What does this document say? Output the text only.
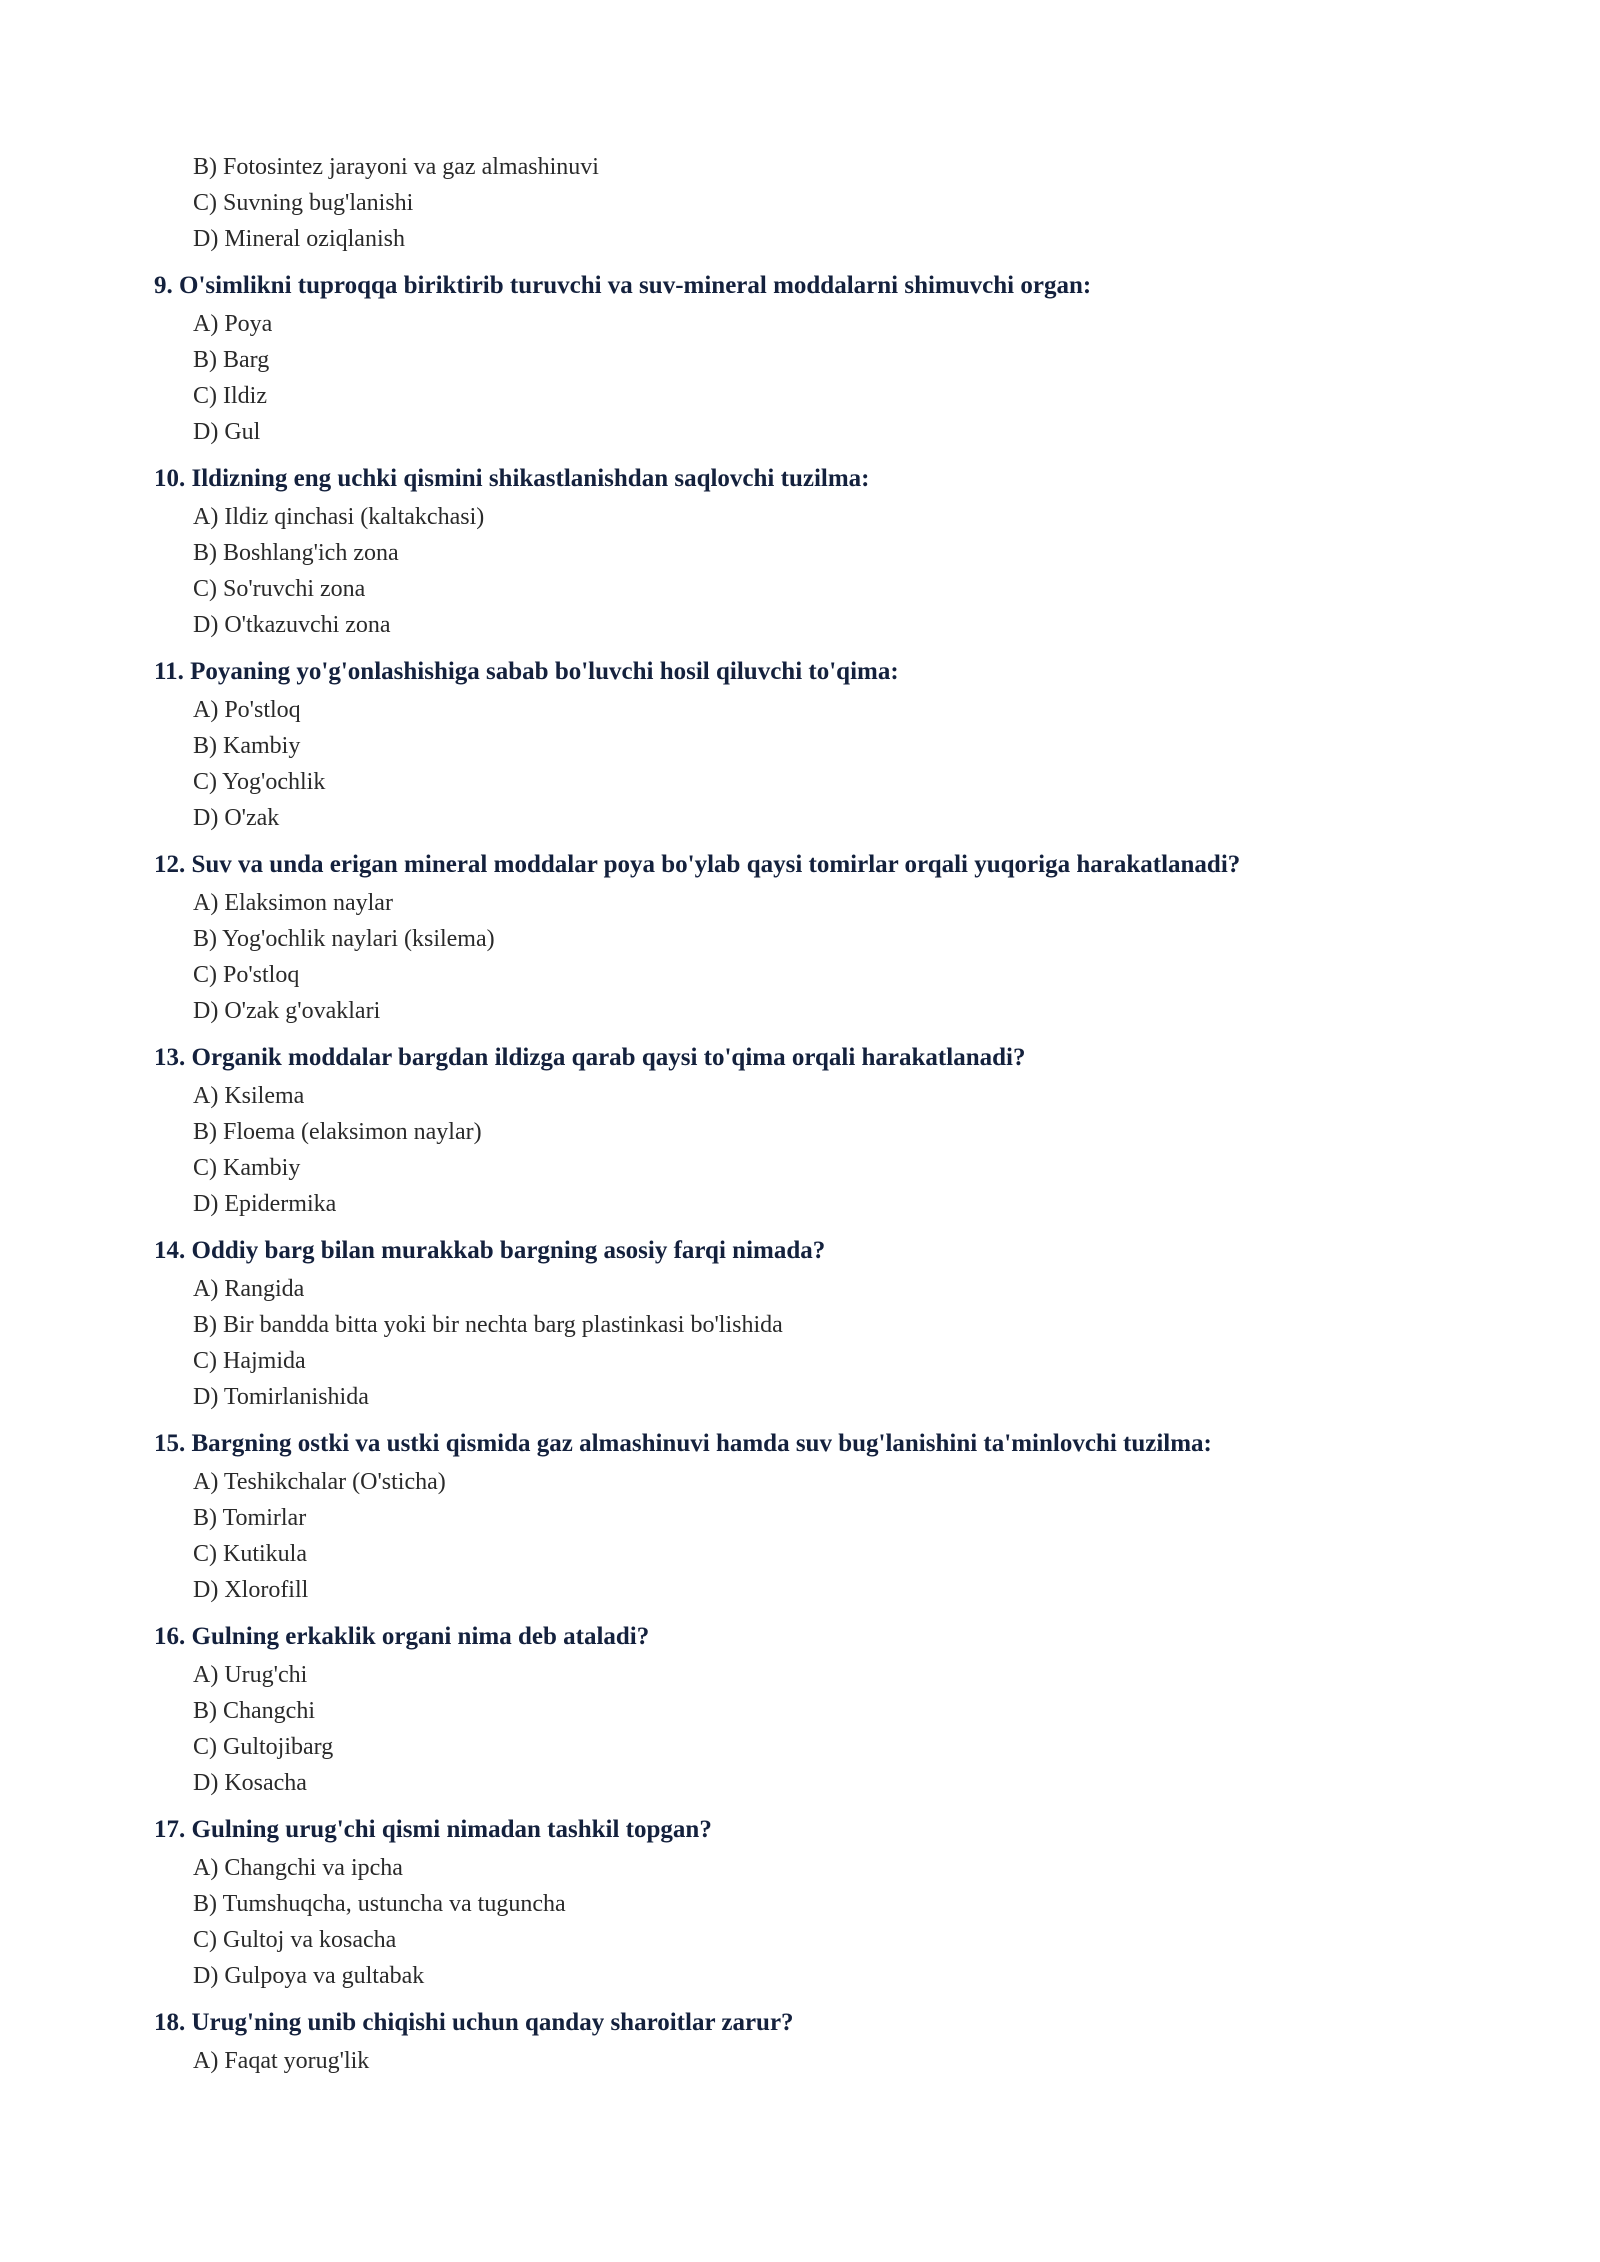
B) Fotosintez jarayoni va gaz almashinuvi
C) Suvning bug'lanishi
D) Mineral oziqlanish
9. O'simlikni tuproqqa biriktirib turuvchi va suv-mineral moddalarni shimuvchi organ:
A) Poya
B) Barg
C) Ildiz
D) Gul
10. Ildizning eng uchki qismini shikastlanishdan saqlovchi tuzilma:
A) Ildiz qinchasi (kaltakchasi)
B) Boshlang'ich zona
C) So'ruvchi zona
D) O'tkazuvchi zona
11. Poyaning yo'g'onlashishiga sabab bo'luvchi hosil qiluvchi to'qima:
A) Po'stloq
B) Kambiy
C) Yog'ochlik
D) O'zak
12. Suv va unda erigan mineral moddalar poya bo'ylab qaysi tomirlar orqali yuqoriga harakatlanadi?
A) Elaksimon naylar
B) Yog'ochlik naylari (ksilema)
C) Po'stloq
D) O'zak g'ovaklari
13. Organik moddalar bargdan ildizga qarab qaysi to'qima orqali harakatlanadi?
A) Ksilema
B) Floema (elaksimon naylar)
C) Kambiy
D) Epidermika
14. Oddiy barg bilan murakkab bargning asosiy farqi nimada?
A) Rangida
B) Bir bandda bitta yoki bir nechta barg plastinkasi bo'lishida
C) Hajmida
D) Tomirlanishida
15. Bargning ostki va ustki qismida gaz almashinuvi hamda suv bug'lanishini ta'minlovchi tuzilma:
A) Teshikchalar (O'sticha)
B) Tomirlar
C) Kutikula
D) Xlorofill
16. Gulning erkaklik organi nima deb ataladi?
A) Urug'chi
B) Changchi
C) Gultojibarg
D) Kosacha
17. Gulning urug'chi qismi nimadan tashkil topgan?
A) Changchi va ipcha
B) Tumshuqcha, ustuncha va tuguncha
C) Gultoj va kosacha
D) Gulpoya va gultabak
18. Urug'ning unib chiqishi uchun qanday sharoitlar zarur?
A) Faqat yorug'lik
